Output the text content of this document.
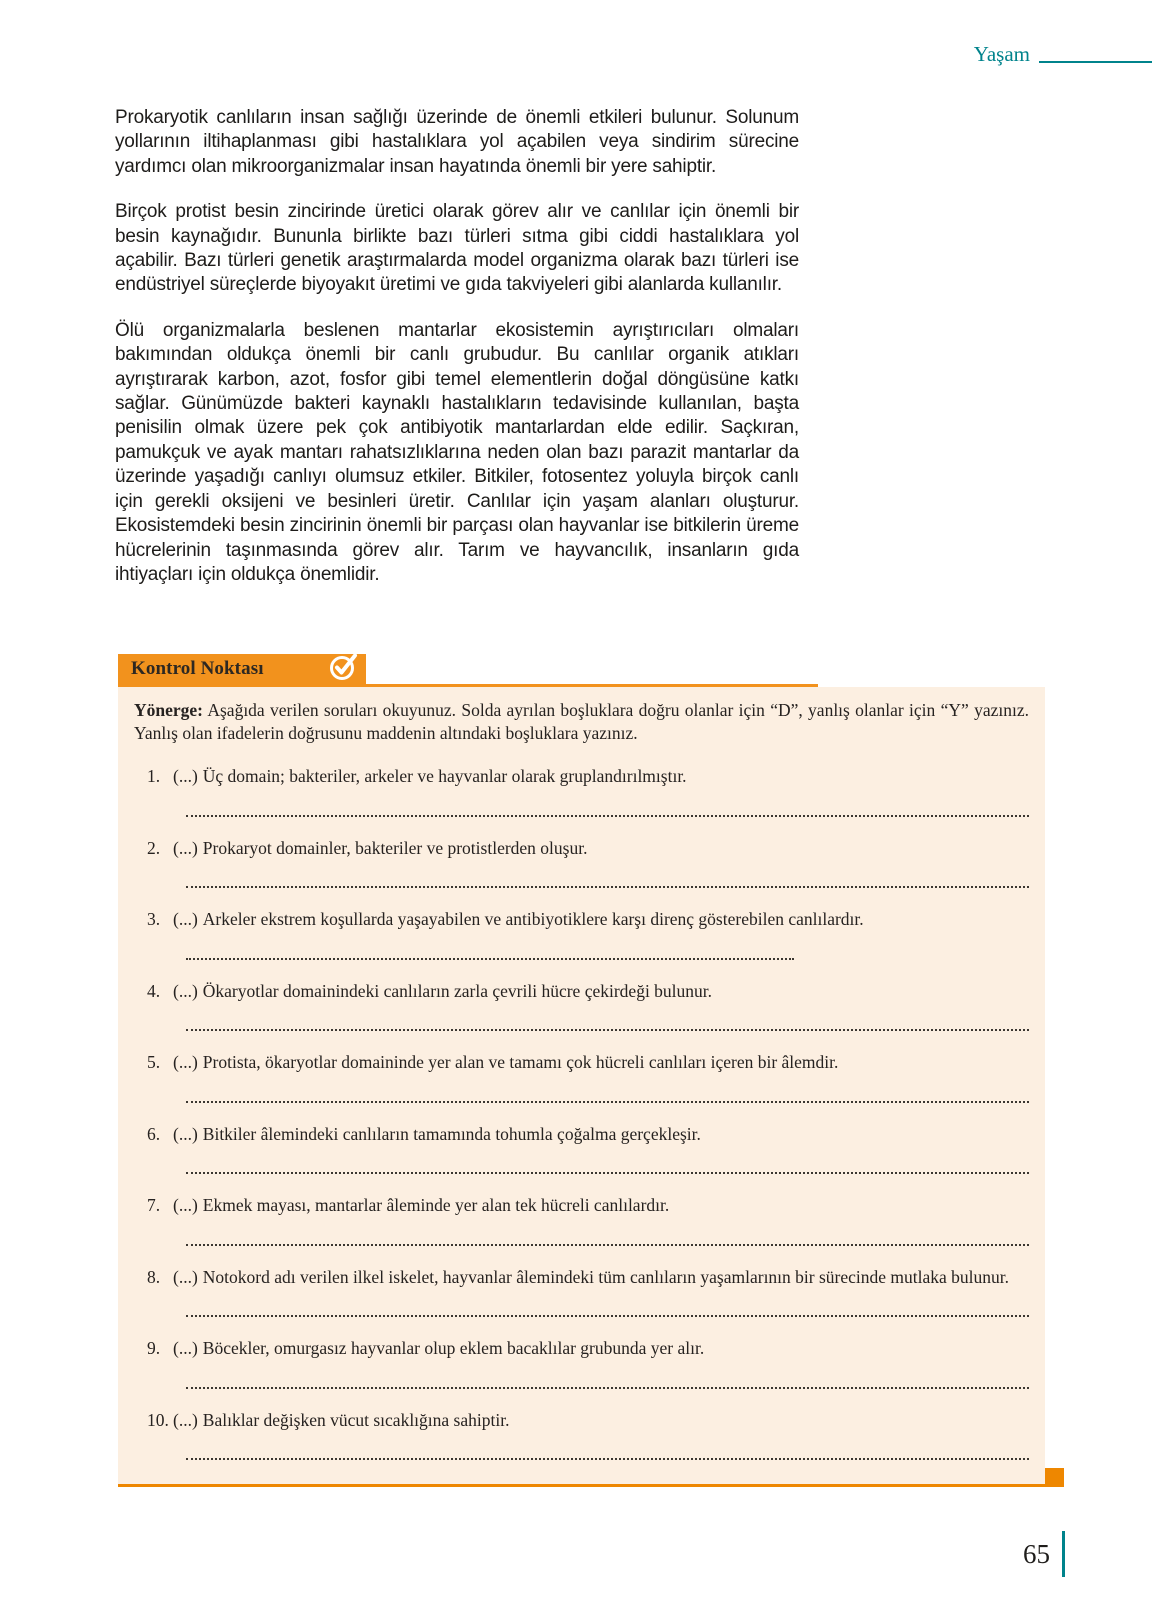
Yaşam

Prokaryotik canlıların insan sağlığı üzerinde de önemli etkileri bulunur. Solunum yollarının iltihaplanması gibi hastalıklara yol açabilen veya sindirim sürecine yardımcı olan mikroorganizmalar insan hayatında önemli bir yere sahiptir.

Birçok protist besin zincirinde üretici olarak görev alır ve canlılar için önemli bir besin kaynağıdır. Bununla birlikte bazı türleri sıtma gibi ciddi hastalıklara yol açabilir. Bazı türleri genetik araştırmalarda model organizma olarak bazı türleri ise endüstriyel süreçlerde biyoyakıt üretimi ve gıda takviyeleri gibi alanlarda kullanılır.

Ölü organizmalarla beslenen mantarlar ekosistemin ayrıştırıcıları olmaları bakımından oldukça önemli bir canlı grubudur. Bu canlılar organik atıkları ayrıştırarak karbon, azot, fosfor gibi temel elementlerin doğal döngüsüne katkı sağlar. Günümüzde bakteri kaynaklı hastalıkların tedavisinde kullanılan, başta penisilin olmak üzere pek çok antibiyotik mantarlardan elde edilir. Saçkıran, pamukçuk ve ayak mantarı rahatsızlıklarına neden olan bazı parazit mantarlar da üzerinde yaşadığı canlıyı olumsuz etkiler. Bitkiler, fotosentez yoluyla birçok canlı için gerekli oksijeni ve besinleri üretir. Canlılar için yaşam alanları oluşturur. Ekosistemdeki besin zincirinin önemli bir parçası olan hayvanlar ise bitkilerin üreme hücrelerinin taşınmasında görev alır. Tarım ve hayvancılık, insanların gıda ihtiyaçları için oldukça önemlidir.

Kontrol Noktası

Yönerge: Aşağıda verilen soruları okuyunuz. Solda ayrılan boşluklara doğru olanlar için “D”, yanlış olanlar için “Y” yazınız. Yanlış olan ifadelerin doğrusunu maddenin altındaki boşluklara yazınız.

1. (...) Üç domain; bakteriler, arkeler ve hayvanlar olarak gruplandırılmıştır.
2. (...) Prokaryot domainler, bakteriler ve protistlerden oluşur.
3. (...) Arkeler ekstrem koşullarda yaşayabilen ve antibiyotiklere karşı direnç gösterebilen canlılardır.
4. (...) Ökaryotlar domainindeki canlıların zarla çevrili hücre çekirdeği bulunur.
5. (...) Protista, ökaryotlar domaininde yer alan ve tamamı çok hücreli canlıları içeren bir âlemdir.
6. (...) Bitkiler âlemindeki canlıların tamamında tohumla çoğalma gerçekleşir.
7. (...) Ekmek mayası, mantarlar âleminde yer alan tek hücreli canlılardır.
8. (...) Notokord adı verilen ilkel iskelet, hayvanlar âlemindeki tüm canlıların yaşamlarının bir sürecinde mutlaka bulunur.
9. (...) Böcekler, omurgasız hayvanlar olup eklem bacaklılar grubunda yer alır.
10. (...) Balıklar değişken vücut sıcaklığına sahiptir.
65
